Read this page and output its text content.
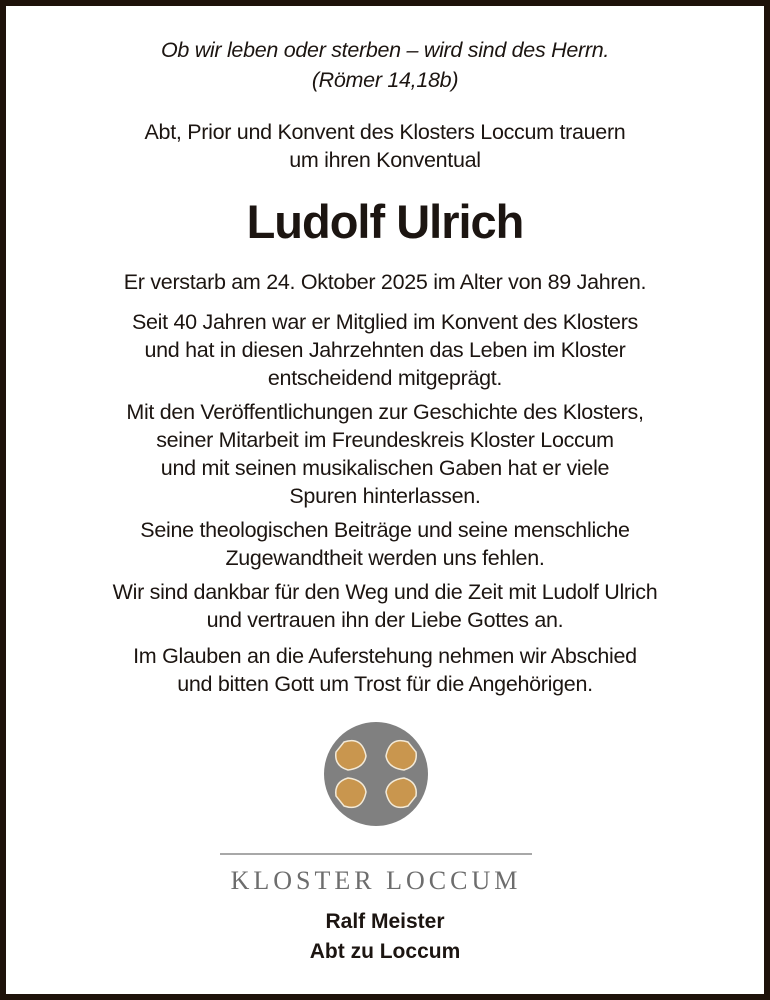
Ob wir leben oder sterben – wird sind des Herrn.
(Römer 14,18b)
Abt, Prior und Konvent des Klosters Loccum trauern
um ihren Konventual
Ludolf Ulrich
Er verstarb am 24. Oktober 2025 im Alter von 89 Jahren.
Seit 40 Jahren war er Mitglied im Konvent des Klosters
und hat in diesen Jahrzehnten das Leben im Kloster
entscheidend mitgeprägt.
Mit den Veröffentlichungen zur Geschichte des Klosters,
seiner Mitarbeit im Freundeskreis Kloster Loccum
und mit seinen musikalischen Gaben hat er viele
Spuren hinterlassen.
Seine theologischen Beiträge und seine menschliche
Zugewandtheit werden uns fehlen.
Wir sind dankbar für den Weg und die Zeit mit Ludolf Ulrich
und vertrauen ihn der Liebe Gottes an.
Im Glauben an die Auferstehung nehmen wir Abschied
und bitten Gott um Trost für die Angehörigen.
KLOSTER LOCCUM
Ralf Meister
Abt zu Loccum
